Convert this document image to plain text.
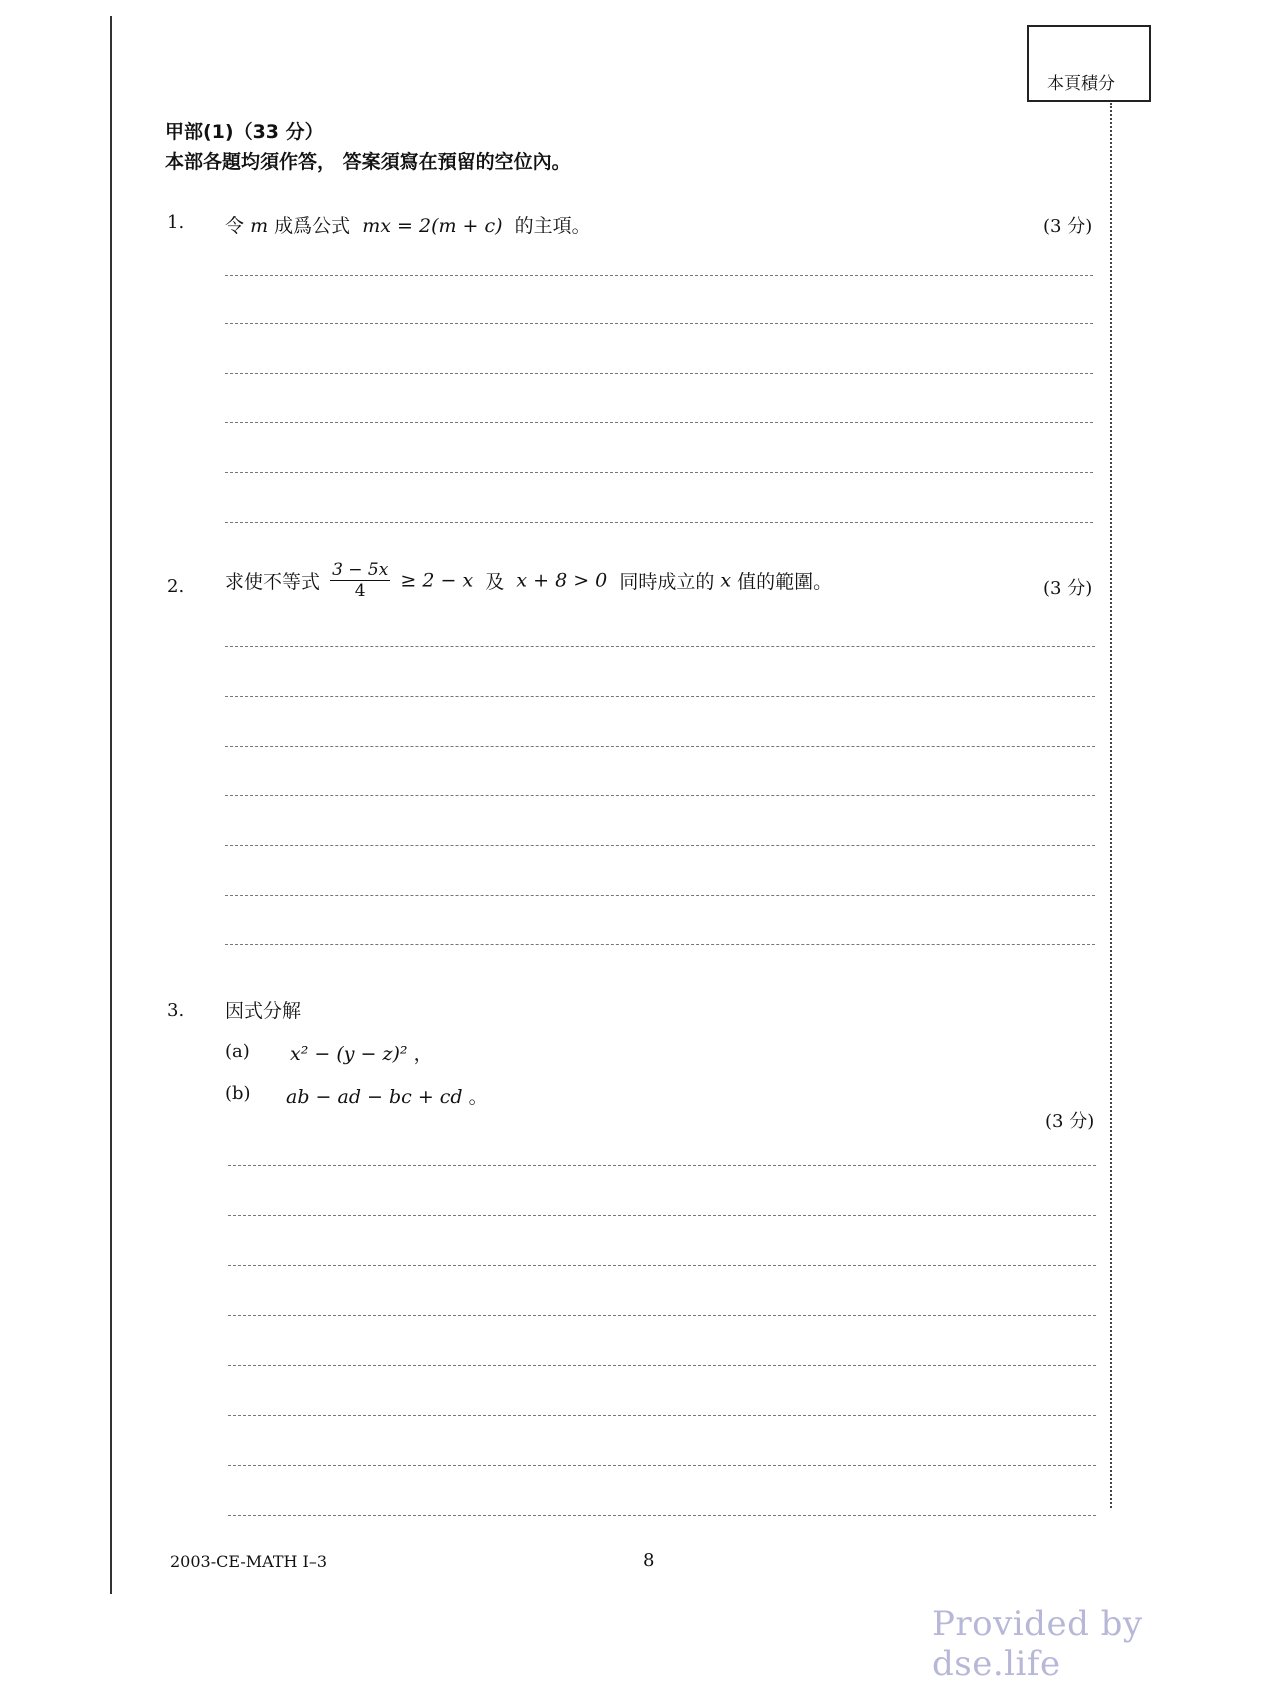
本頁積分
甲部(1)（33 分）
本部各題均須作答， 答案須寫在預留的空位內。
1. 令 m 成爲公式 mx = 2(m + c) 的主項。	(3 分)
2. 求使不等式 $\frac{3 - 5x}{4} \ge 2 - x$ 及 x + 8 > 0 同時成立的 x 值的範圍。	(3 分)
3. 因式分解
(a) x² − (y − z)² ，
(b) ab − ad − bc + cd 。
(3 分)
2003-CE-MATH I–3	8
Provided by dse.life
